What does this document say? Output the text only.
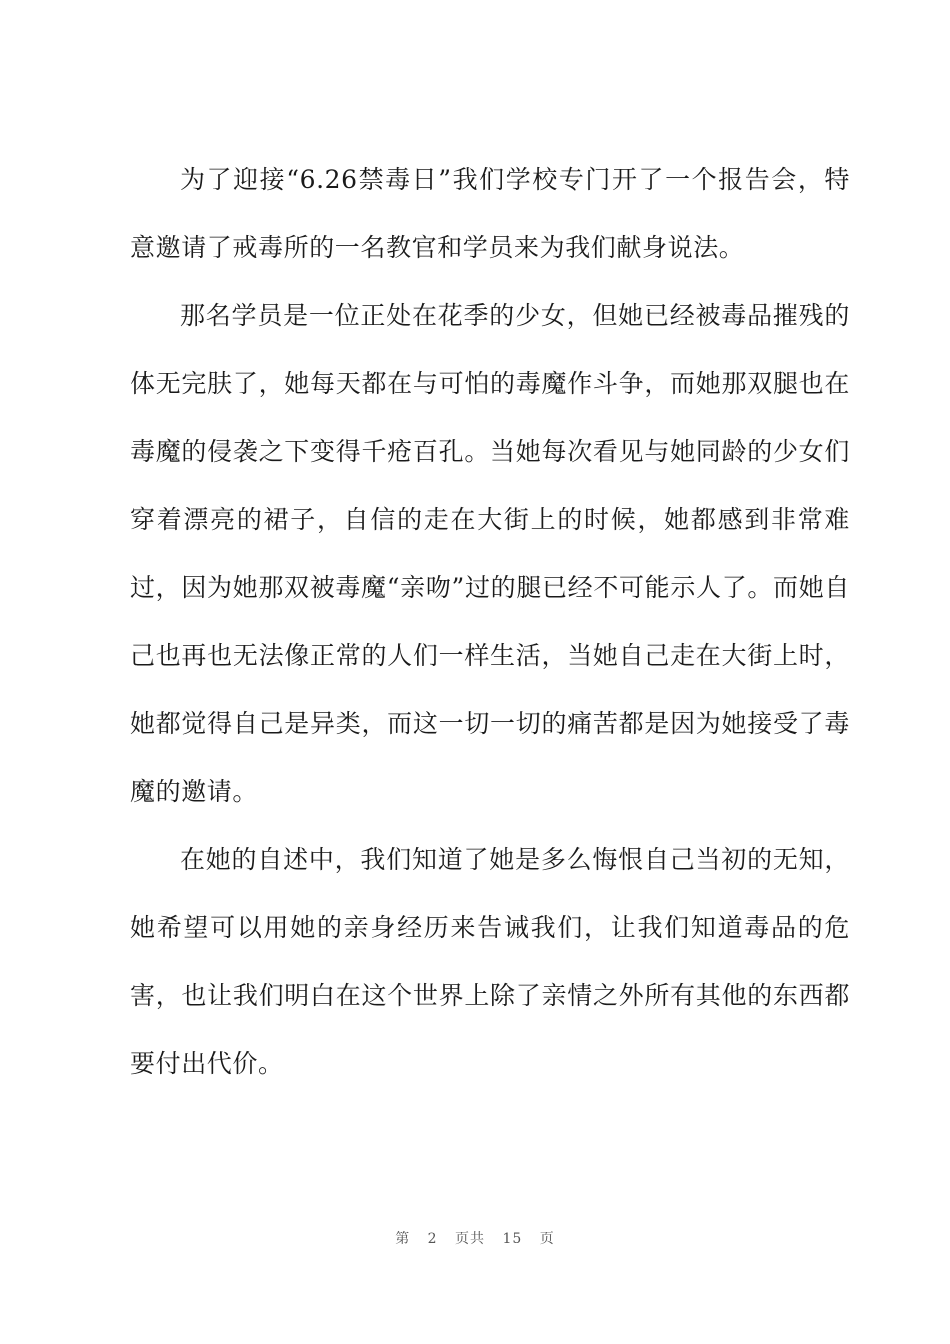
为了迎接“6.26禁毒日”我们学校专门开了一个报告会，特意邀请了戒毒所的一名教官和学员来为我们献身说法。

那名学员是一位正处在花季的少女，但她已经被毒品摧残的体无完肤了，她每天都在与可怕的毒魔作斗争，而她那双腿也在毒魔的侵袭之下变得千疮百孔。当她每次看见与她同龄的少女们穿着漂亮的裙子，自信的走在大街上的时候，她都感到非常难过，因为她那双被毒魔“亲吻”过的腿已经不可能示人了。而她自己也再也无法像正常的人们一样生活，当她自己走在大街上时，她都觉得自己是异类，而这一切一切的痛苦都是因为她接受了毒魔的邀请。

在她的自述中，我们知道了她是多么悔恨自己当初的无知，她希望可以用她的亲身经历来告诫我们，让我们知道毒品的危害，也让我们明白在这个世界上除了亲情之外所有其他的东西都要付出代价。

第 2 页共 15 页
